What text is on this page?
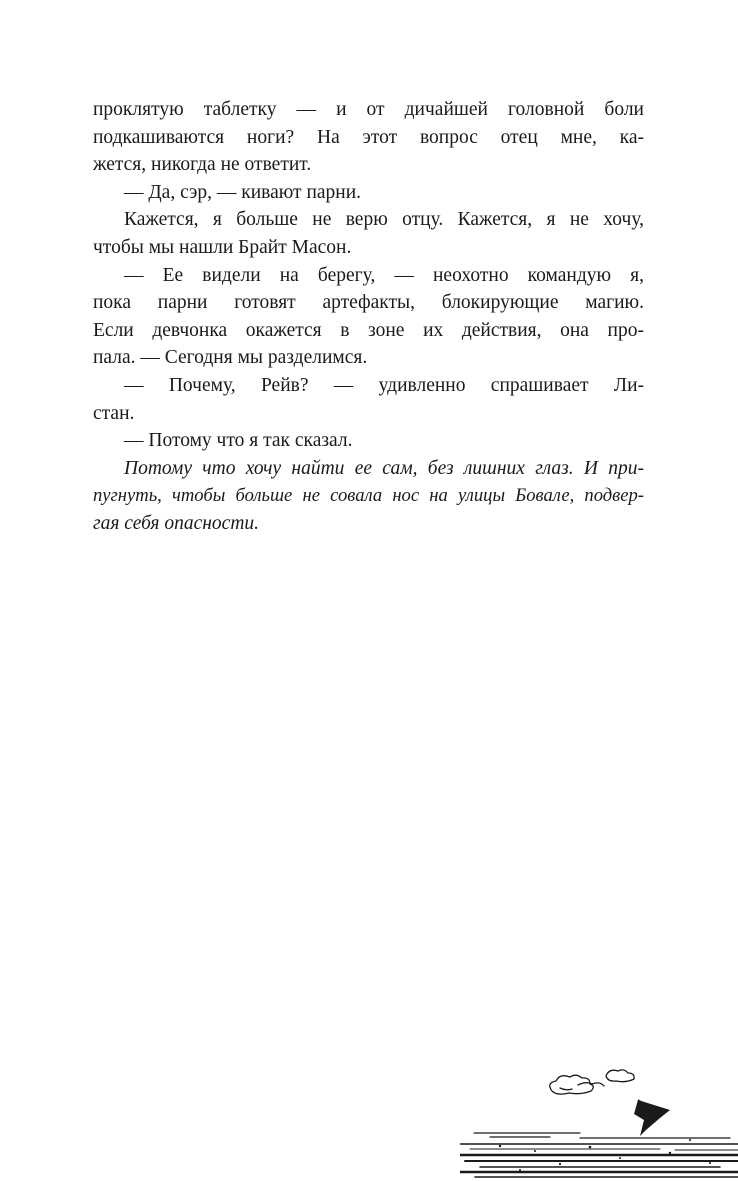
проклятую таблетку — и от дичайшей головной боли
подкашиваются ноги? На этот вопрос отец мне, ка-
жется, никогда не ответит.
— Да, сэр, — кивают парни.
Кажется, я больше не верю отцу. Кажется, я не хочу,
чтобы мы нашли Брайт Масон.
— Ее видели на берегу, — неохотно командую я,
пока парни готовят артефакты, блокирующие магию.
Если девчонка окажется в зоне их действия, она про-
пала. — Сегодня мы разделимся.
— Почему, Рейв? — удивленно спрашивает Ли-
стан.
— Потому что я так сказал.
Потому что хочу найти ее сам, без лишних глаз. И при-
пугнуть, чтобы больше не совала нос на улицы Бовале, подвер-
гая себя опасности.
